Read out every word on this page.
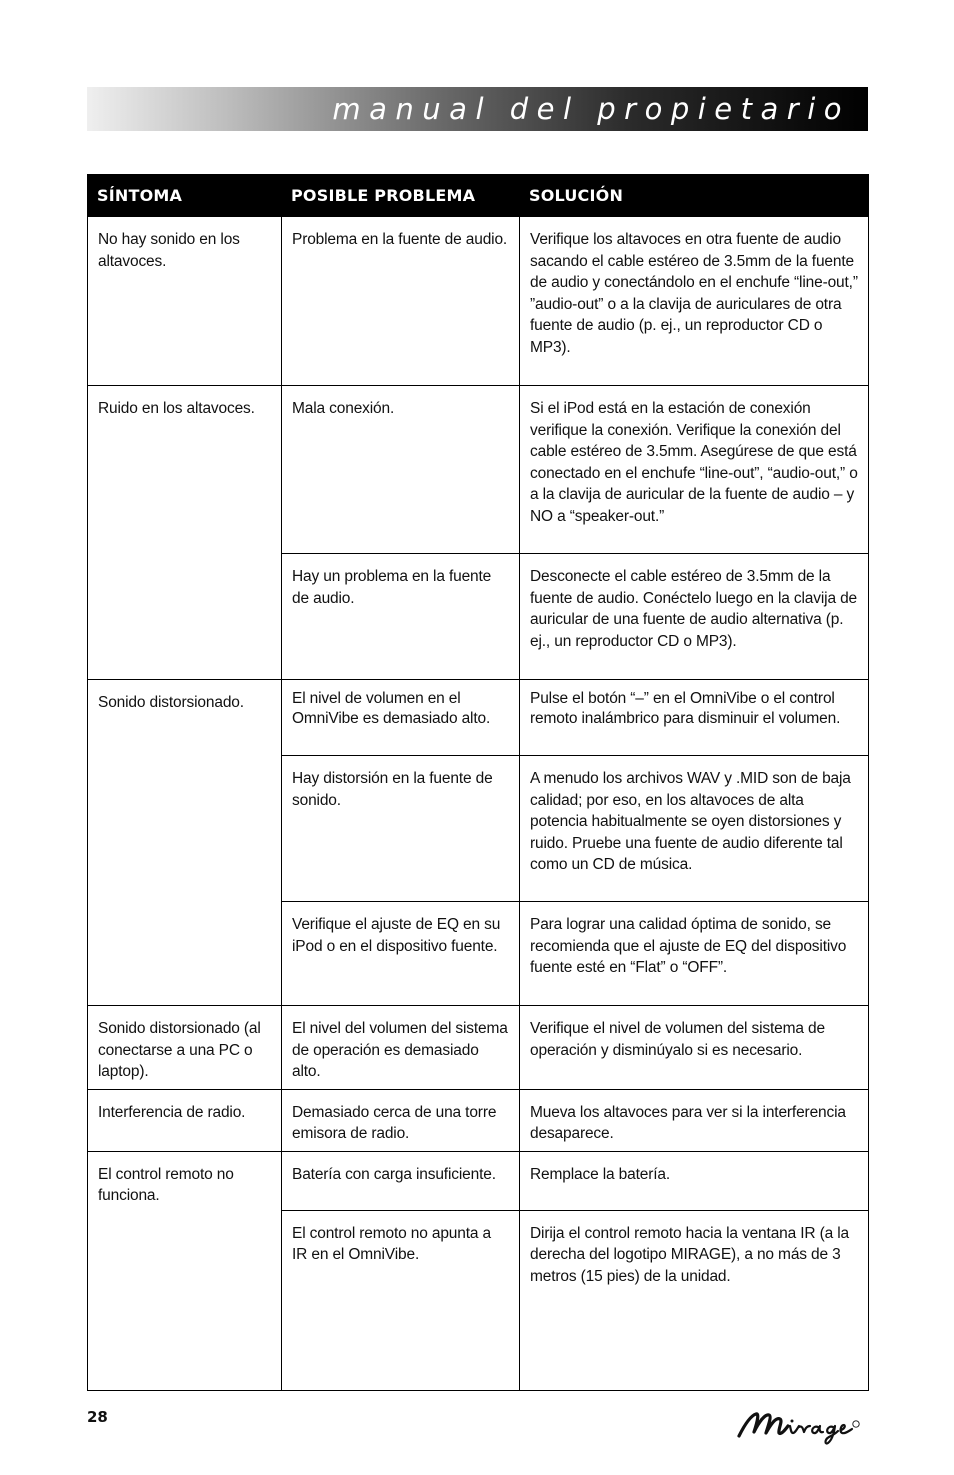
manual del propietario
SÍNTOMA	POSIBLE PROBLEMA	SOLUCIÓN
No hay sonido en los altavoces.	Problema en la fuente de audio.	Verifique los altavoces en otra fuente de audio sacando el cable estéreo de 3.5mm de la fuente de audio y conectándolo en el enchufe “line-out,” ”audio-out” o a la clavija de auriculares de otra fuente de audio (p. ej., un reproductor CD o MP3).
Ruido en los altavoces.	Mala conexión.	Si el iPod está en la estación de conexión verifique la conexión. Verifique la conexión del cable estéreo de 3.5mm. Asegúrese de que está conectado en el enchufe “line-out”, “audio-out,” o a la clavija de auricular de la fuente de audio – y NO a “speaker-out.”
	Hay un problema en la fuente de audio.	Desconecte el cable estéreo de 3.5mm de la fuente de audio. Conéctelo luego en la clavija de auricular de una fuente de audio alternativa (p. ej., un reproductor CD o MP3).
Sonido distorsionado.	El nivel de volumen en el OmniVibe es demasiado alto.	Pulse el botón “–” en el OmniVibe o el control remoto inalámbrico para disminuir el volumen.
	Hay distorsión en la fuente de sonido.	A menudo los archivos WAV y .MID son de baja calidad; por eso, en los altavoces de alta potencia habitualmente se oyen distorsiones y ruido. Pruebe una fuente de audio diferente tal como un CD de música.
	Verifique el ajuste de EQ en su iPod o en el dispositivo fuente.	Para lograr una calidad óptima de sonido, se recomienda que el ajuste de EQ del dispositivo fuente esté en “Flat” o “OFF”.
Sonido distorsionado (al conectarse a una PC o laptop).	El nivel del volumen del sistema de operación es demasiado alto.	Verifique el nivel de volumen del sistema de operación y disminúyalo si es necesario.
Interferencia de radio.	Demasiado cerca de una torre emisora de radio.	Mueva los altavoces para ver si la interferencia desaparece.
El control remoto no funciona.	Batería con carga insuficiente.	Remplace la batería.
	El control remoto no apunta a IR en el OmniVibe.	Dirija el control remoto hacia la ventana IR (a la derecha del logotipo MIRAGE), a no más de 3 metros (15 pies) de la unidad.
28
